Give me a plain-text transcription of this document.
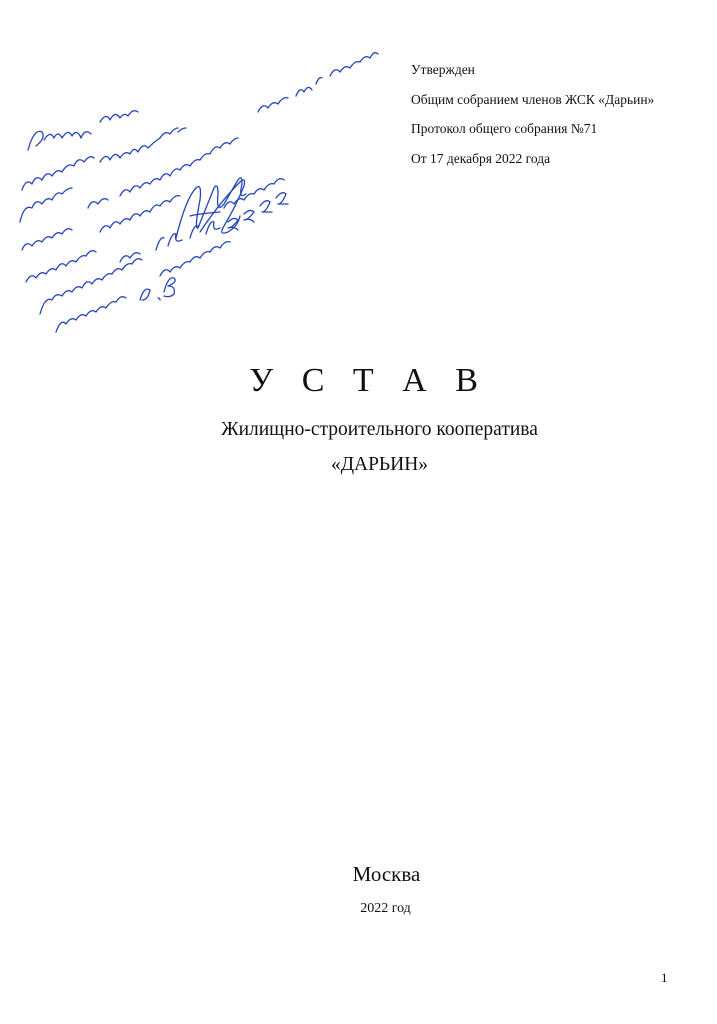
Утвержден
Общим собранием членов ЖСК «Дарьин»
Протокол общего собрания №71
От 17 декабря 2022 года
У С Т А В
Жилищно-строительного кооператива
«ДАРЬИН»
Москва
2022 год
1
